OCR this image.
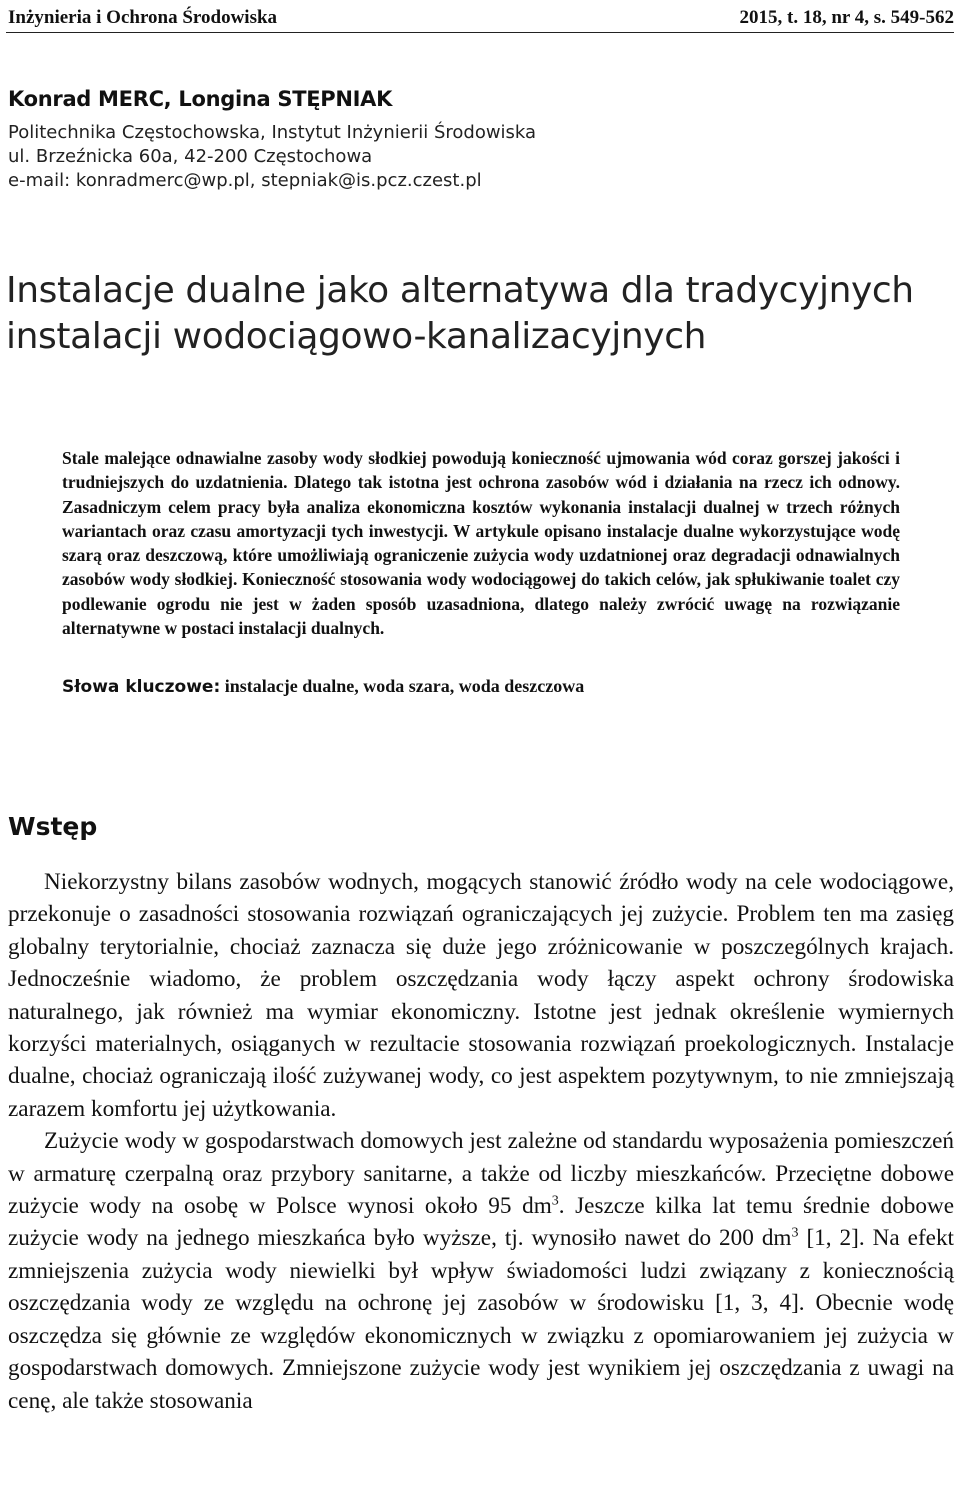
Inżynieria i Ochrona Środowiska	2015, t. 18, nr 4, s. 549-562
Konrad MERC, Longina STĘPNIAK
Politechnika Częstochowska, Instytut Inżynierii Środowiska
ul. Brzeźnicka 60a, 42-200 Częstochowa
e-mail: konradmerc@wp.pl, stepniak@is.pcz.czest.pl
Instalacje dualne jako alternatywa dla tradycyjnych
instalacji wodociągowo-kanalizacyjnych
Stale malejące odnawialne zasoby wody słodkiej powodują konieczność ujmowania wód coraz gorszej jakości i trudniejszych do uzdatnienia. Dlatego tak istotna jest ochrona zasobów wód i działania na rzecz ich odnowy. Zasadniczym celem pracy była analiza ekonomiczna kosztów wykonania instalacji dualnej w trzech różnych wariantach oraz czasu amortyzacji tych inwestycji. W artykule opisano instalacje dualne wykorzystujące wodę szarą oraz deszczową, które umożliwiają ograniczenie zużycia wody uzdatnionej oraz degradacji odnawialnych zasobów wody słodkiej. Konieczność stosowania wody wodociągowej do takich celów, jak spłukiwanie toalet czy podlewanie ogrodu nie jest w żaden sposób uzasadniona, dlatego należy zwrócić uwagę na rozwiązanie alternatywne w postaci instalacji dualnych.
Słowa kluczowe: instalacje dualne, woda szara, woda deszczowa
Wstęp

Niekorzystny bilans zasobów wodnych, mogących stanowić źródło wody na cele wodociągowe, przekonuje o zasadności stosowania rozwiązań ograniczających jej zużycie. Problem ten ma zasięg globalny terytorialnie, chociaż zaznacza się duże jego zróżnicowanie w poszczególnych krajach. Jednocześnie wiadomo, że problem oszczędzania wody łączy aspekt ochrony środowiska naturalnego, jak również ma wymiar ekonomiczny. Istotne jest jednak określenie wymiernych korzyści materialnych, osiąganych w rezultacie stosowania rozwiązań proekologicznych. Instalacje dualne, chociaż ograniczają ilość zużywanej wody, co jest aspektem pozytywnym, to nie zmniejszają zarazem komfortu jej użytkowania.

Zużycie wody w gospodarstwach domowych jest zależne od standardu wyposażenia pomieszczeń w armaturę czerpalną oraz przybory sanitarne, a także od liczby mieszkańców. Przeciętne dobowe zużycie wody na osobę w Polsce wynosi około 95 $dm^3$. Jeszcze kilka lat temu średnie dobowe zużycie wody na jednego mieszkańca było wyższe, tj. wynosiło nawet do 200 $dm^3$ [1, 2]. Na efekt zmniejszenia zużycia wody niewielki był wpływ świadomości ludzi związany z koniecznością oszczędzania wody ze względu na ochronę jej zasobów w środowisku [1, 3, 4]. Obecnie wodę oszczędza się głównie ze względów ekonomicznych w związku z opomiarowaniem jej zużycia w gospodarstwach domowych. Zmniejszone zużycie wody jest wynikiem jej oszczędzania z uwagi na cenę, ale także stosowania
